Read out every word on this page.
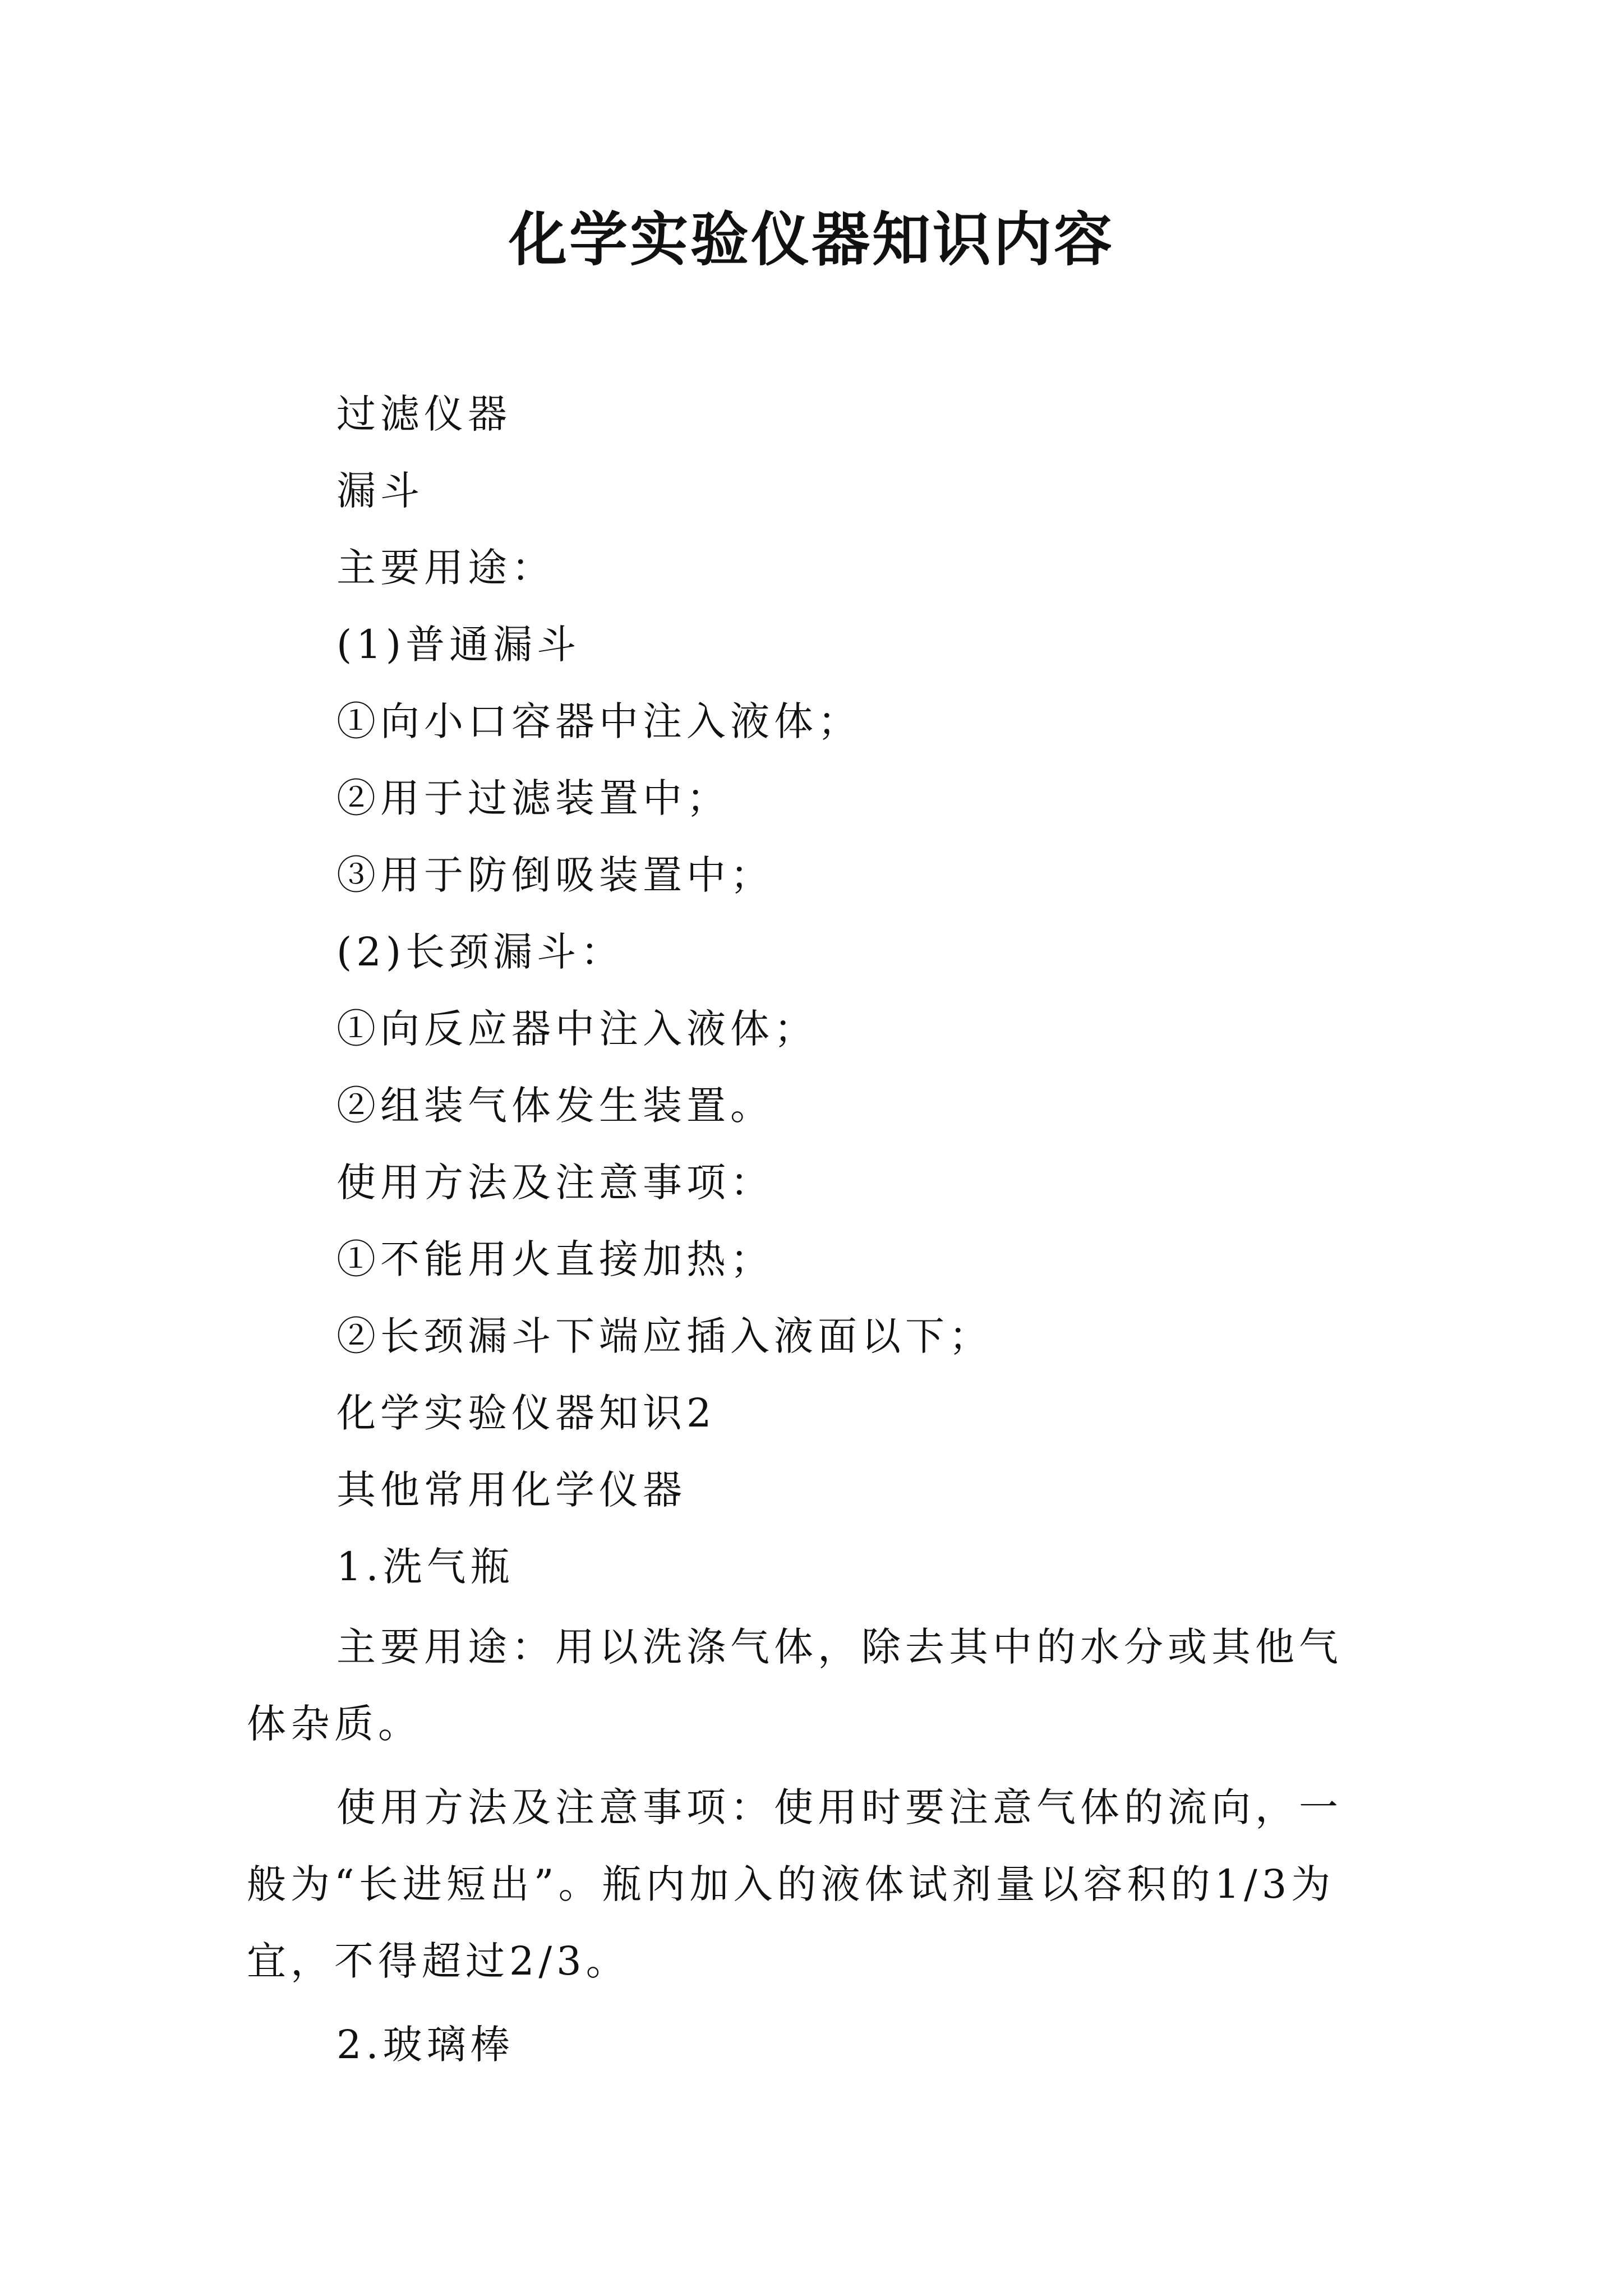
化学实验仪器知识内容
过滤仪器
漏斗
主要用途：
(1)普通漏斗
①向小口容器中注入液体；
②用于过滤装置中；
③用于防倒吸装置中；
(2)长颈漏斗：
①向反应器中注入液体；
②组装气体发生装置。
使用方法及注意事项：
①不能用火直接加热；
②长颈漏斗下端应插入液面以下；
化学实验仪器知识2
其他常用化学仪器
1.洗气瓶
主要用途：用以洗涤气体，除去其中的水分或其他气体杂质。
使用方法及注意事项：使用时要注意气体的流向，一般为“长进短出”。瓶内加入的液体试剂量以容积的1/3为宜，不得超过2/3。
2.玻璃棒
